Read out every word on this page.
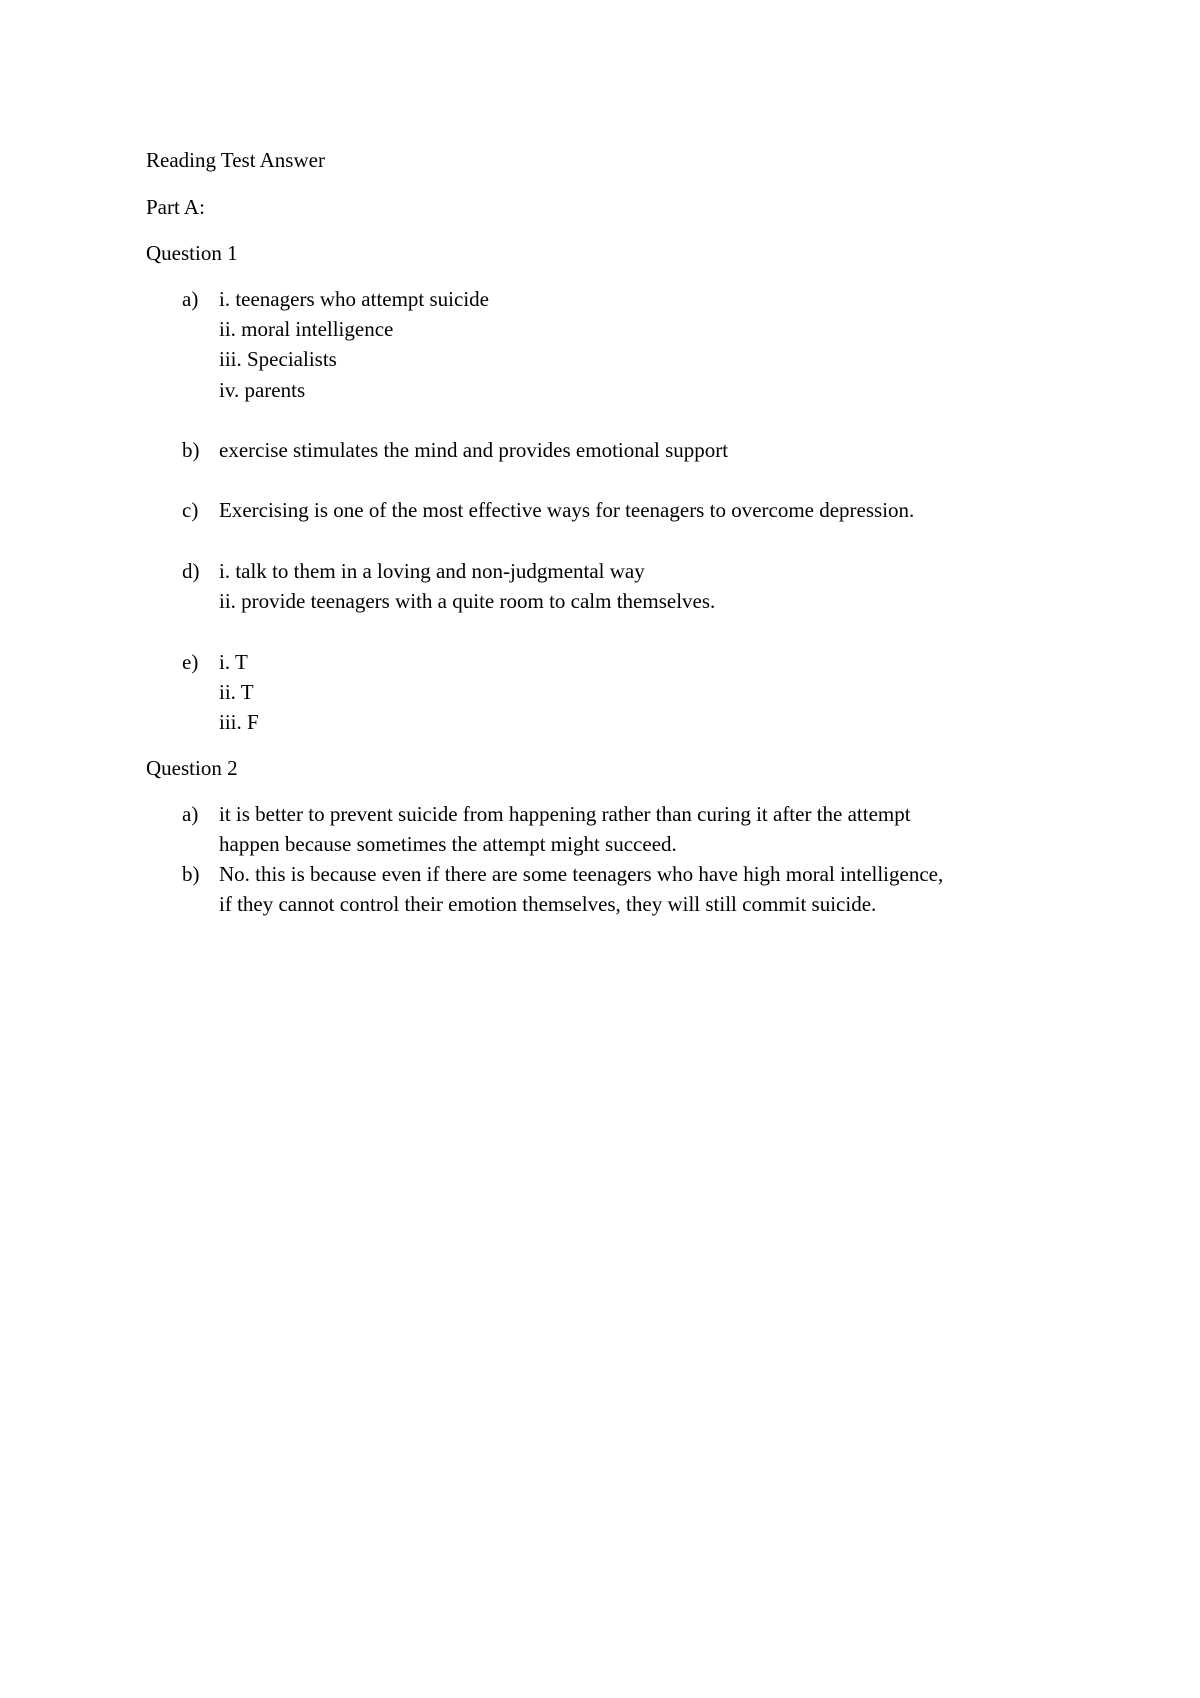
Reading Test Answer
Part A:
Question 1
a) i. teenagers who attempt suicide
ii. moral intelligence
iii. Specialists
iv. parents
b) exercise stimulates the mind and provides emotional support
c) Exercising is one of the most effective ways for teenagers to overcome depression.
d) i. talk to them in a loving and non-judgmental way
ii. provide teenagers with a quite room to calm themselves.
e) i. T
ii. T
iii. F
Question 2
a) it is better to prevent suicide from happening rather than curing it after the attempt
happen because sometimes the attempt might succeed.
b) No. this is because even if there are some teenagers who have high moral intelligence,
if they cannot control their emotion themselves, they will still commit suicide.
